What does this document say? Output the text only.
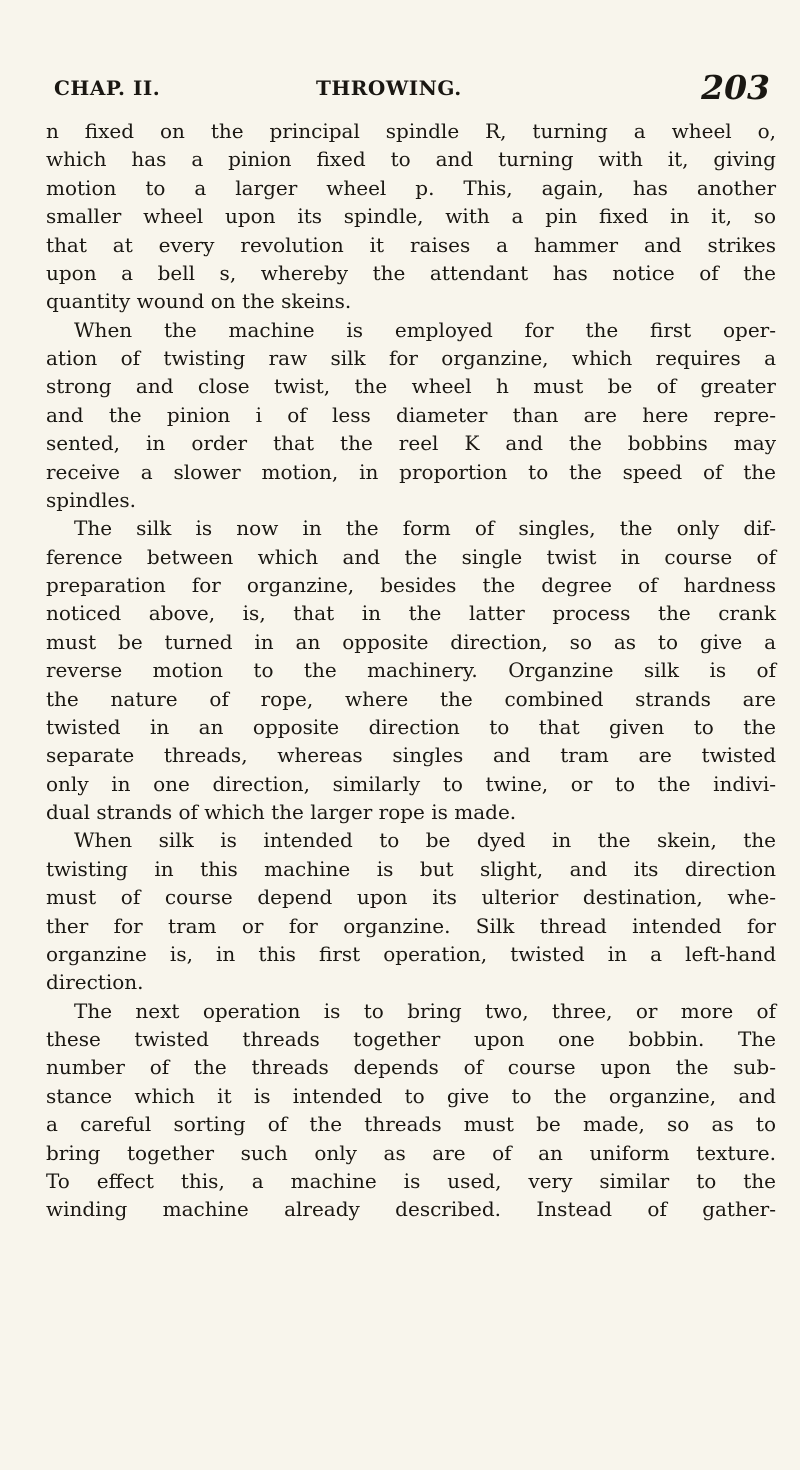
CHAP. II.	THROWING.	203
n fixed on the principal spindle R, turning a wheel o,
which has a pinion fixed to and turning with it, giving
motion to a larger wheel p. This, again, has another
smaller wheel upon its spindle, with a pin fixed in it, so
that at every revolution it raises a hammer and strikes
upon a bell s, whereby the attendant has notice of the
quantity wound on the skeins.
When the machine is employed for the first oper-
ation of twisting raw silk for organzine, which requires a
strong and close twist, the wheel h must be of greater
and the pinion i of less diameter than are here repre-
sented, in order that the reel K and the bobbins may
receive a slower motion, in proportion to the speed of the
spindles.
The silk is now in the form of singles, the only dif-
ference between which and the single twist in course of
preparation for organzine, besides the degree of hardness
noticed above, is, that in the latter process the crank
must be turned in an opposite direction, so as to give a
reverse motion to the machinery. Organzine silk is of
the nature of rope, where the combined strands are
twisted in an opposite direction to that given to the
separate threads, whereas singles and tram are twisted
only in one direction, similarly to twine, or to the indivi-
dual strands of which the larger rope is made.
When silk is intended to be dyed in the skein, the
twisting in this machine is but slight, and its direction
must of course depend upon its ulterior destination, whe-
ther for tram or for organzine. Silk thread intended for
organzine is, in this first operation, twisted in a left-hand
direction.
The next operation is to bring two, three, or more of
these twisted threads together upon one bobbin. The
number of the threads depends of course upon the sub-
stance which it is intended to give to the organzine, and
a careful sorting of the threads must be made, so as to
bring together such only as are of an uniform texture.
To effect this, a machine is used, very similar to the
winding machine already described. Instead of gather-
